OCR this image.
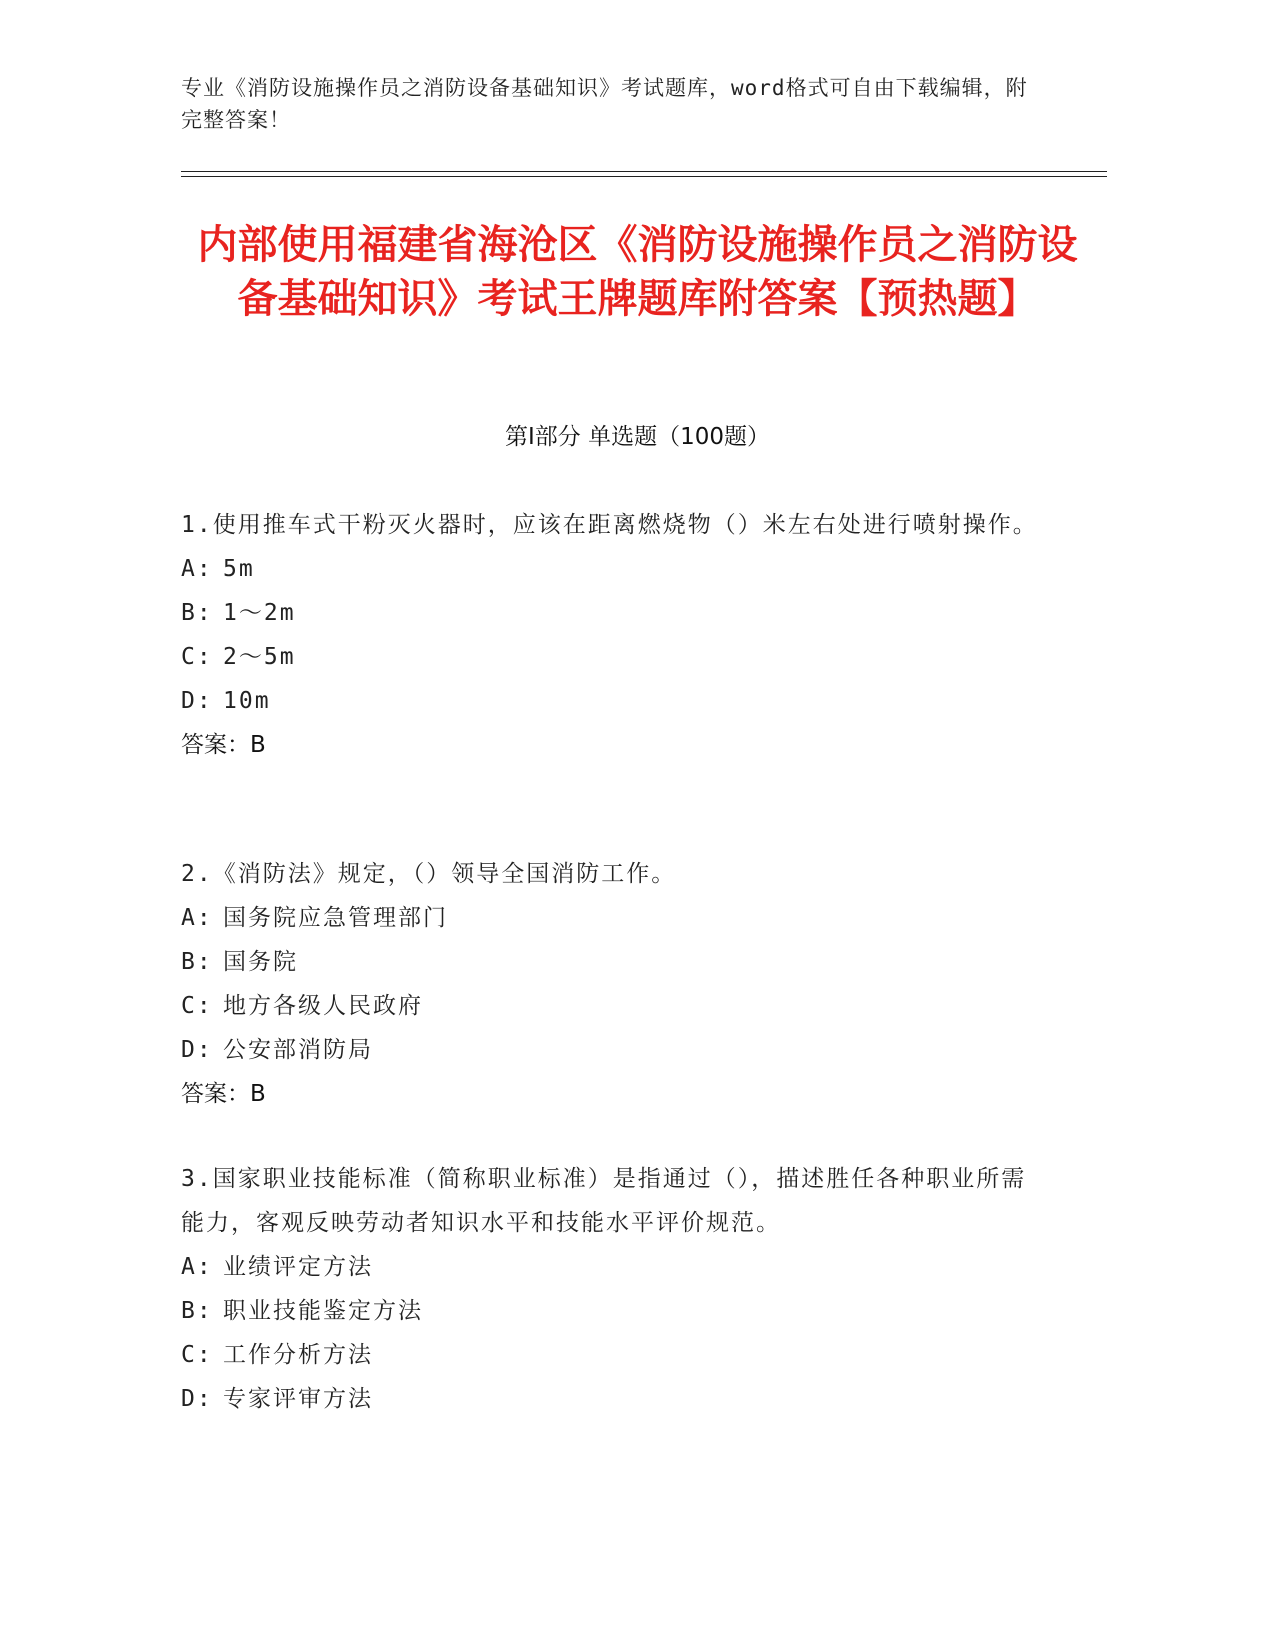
专业《消防设施操作员之消防设备基础知识》考试题库，word格式可自由下载编辑，附完整答案！
内部使用福建省海沧区《消防设施操作员之消防设备基础知识》考试王牌题库附答案【预热题】
第Ⅰ部分 单选题（100题）
1.使用推车式干粉灭火器时，应该在距离燃烧物（）米左右处进行喷射操作。
A: 5m
B: 1～2m
C: 2～5m
D: 10m
答案：B
2.《消防法》规定，（）领导全国消防工作。
A: 国务院应急管理部门
B: 国务院
C: 地方各级人民政府
D: 公安部消防局
答案：B
3.国家职业技能标准（简称职业标准）是指通过（），描述胜任各种职业所需能力，客观反映劳动者知识水平和技能水平评价规范。
A: 业绩评定方法
B: 职业技能鉴定方法
C: 工作分析方法
D: 专家评审方法
